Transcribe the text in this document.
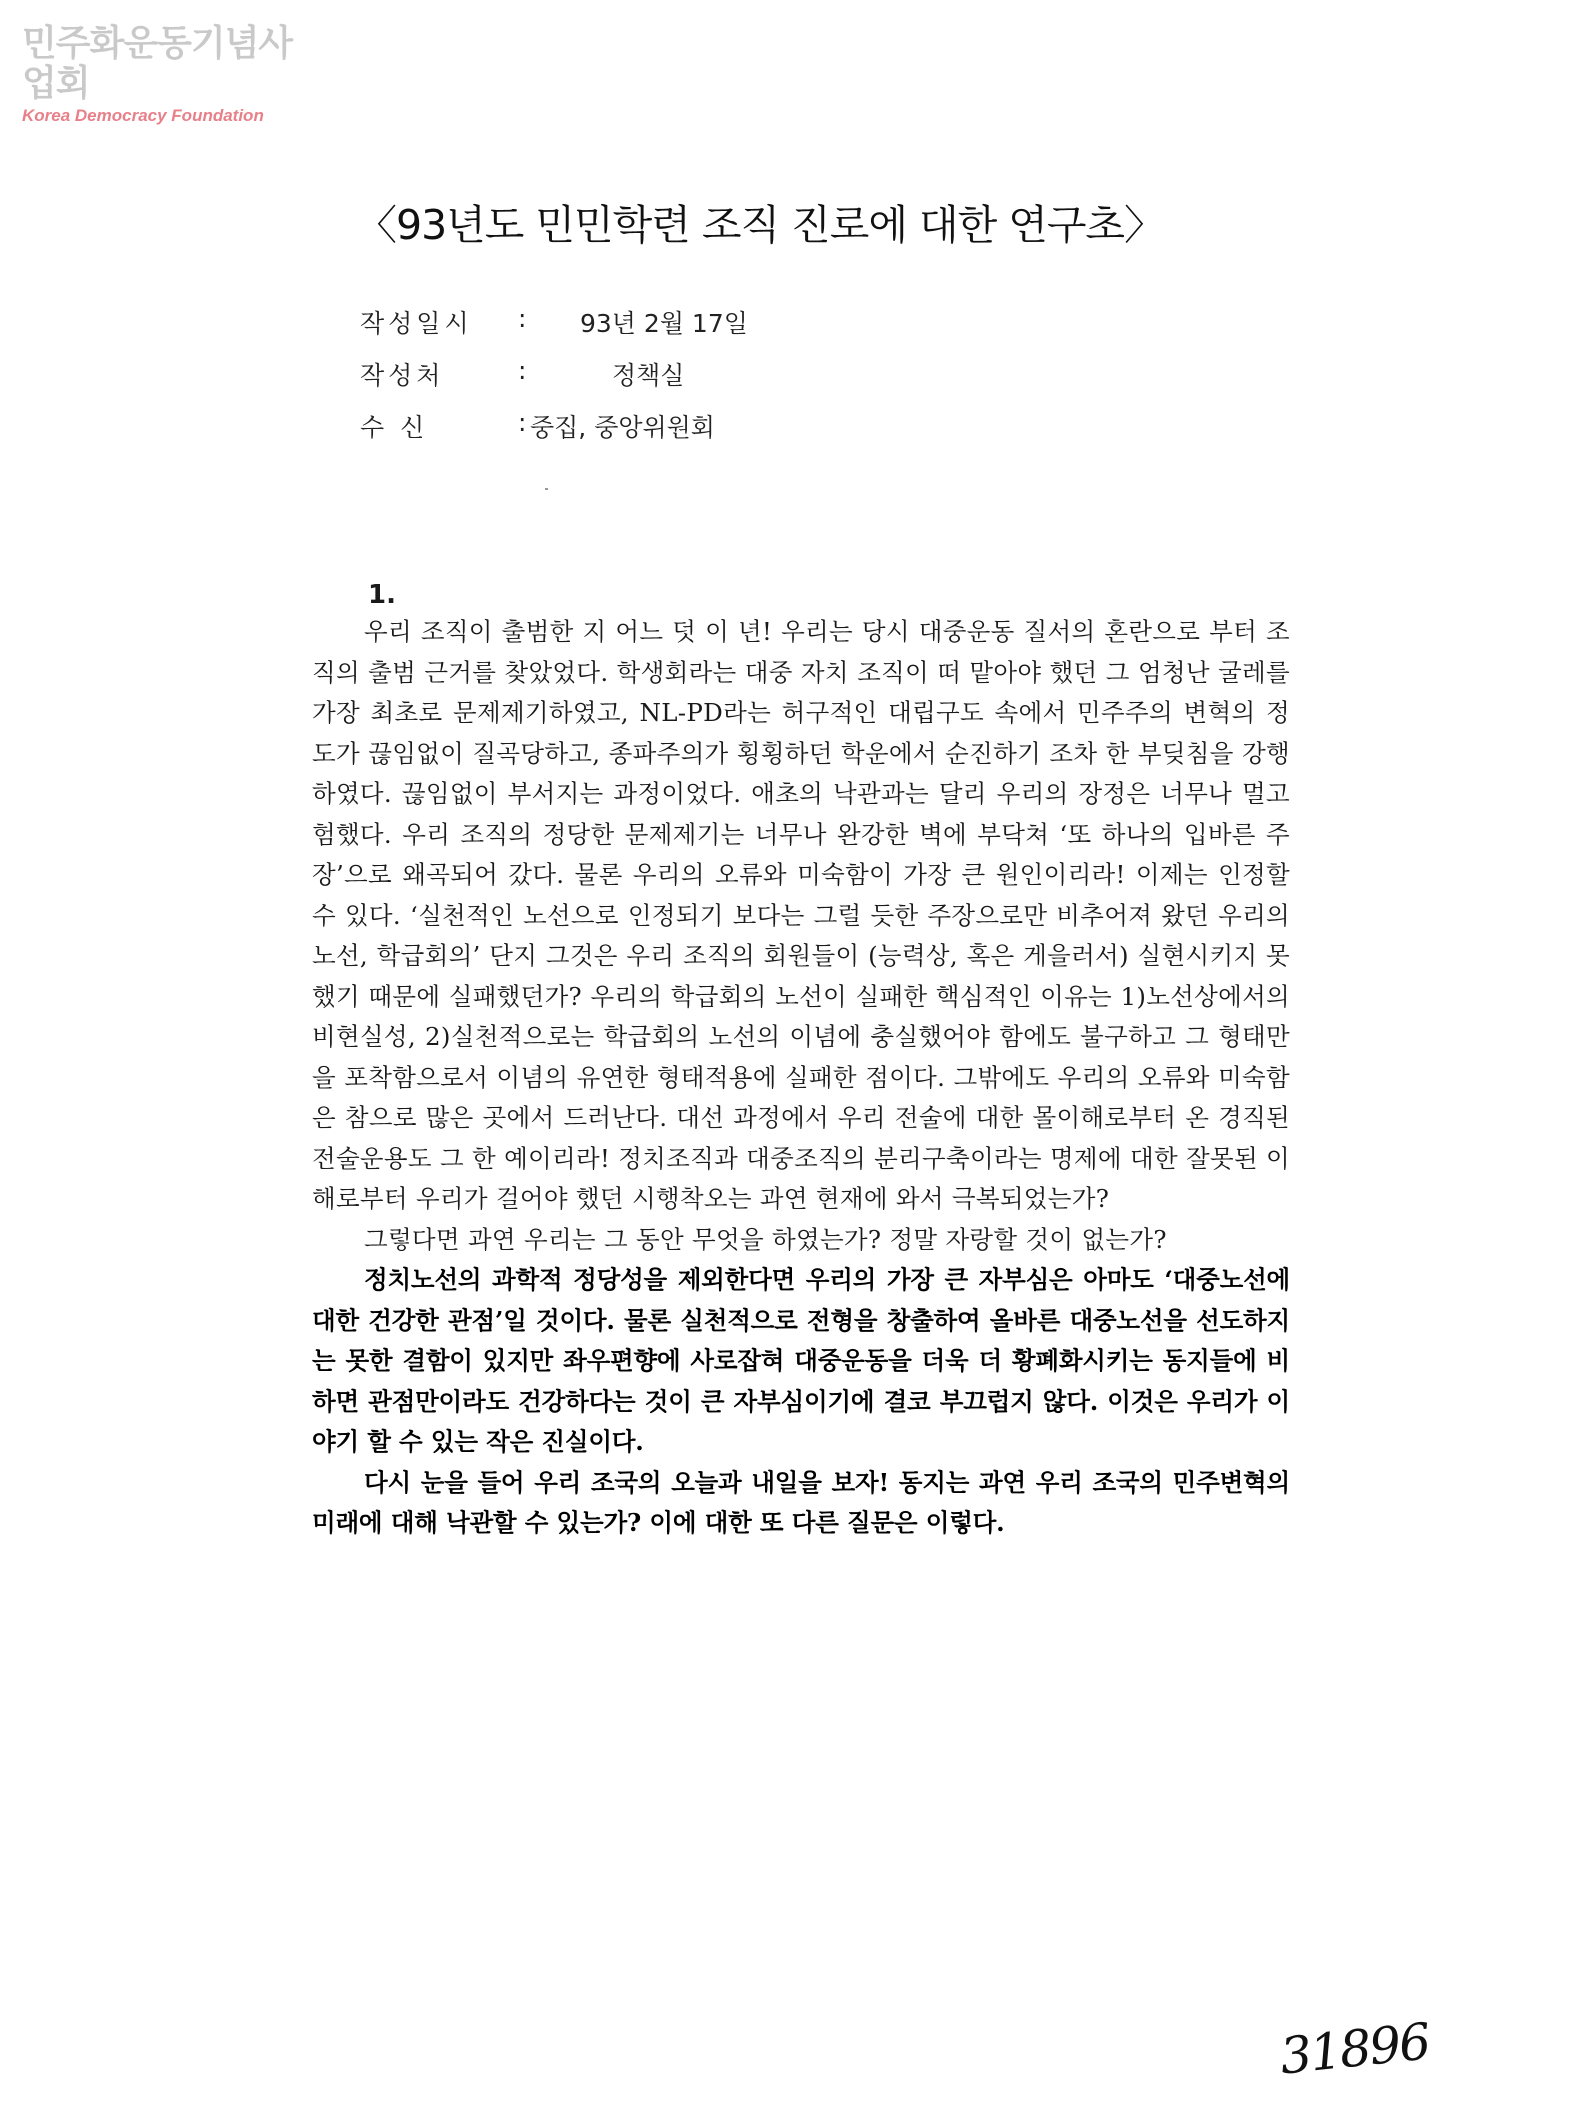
민주화운동기념사업회
Korea Democracy Foundation
〈93년도 민민학련 조직 진로에 대한 연구초〉
작성일시 : 93년 2월 17일
작성처	:	정책실
수 신	: 중집, 중앙위원회
1.

우리 조직이 출범한 지 어느 덧 이 년! 우리는 당시 대중운동 질서의 혼란으로 부터 조직의 출범 근거를 찾았었다. 학생회라는 대중 자치 조직이 떠 맡아야 했던 그 엄청난 굴레를 가장 최초로 문제제기하였고, NL-PD라는 허구적인 대립구도 속에서 민주주의 변혁의 정도가 끊임없이 질곡당하고, 종파주의가 횡횡하던 학운에서 순진하기 조차 한 부딪침을 강행하였다. 끊임없이 부서지는 과정이었다. 애초의 낙관과는 달리 우리의 장정은 너무나 멀고 험했다. 우리 조직의 정당한 문제제기는 너무나 완강한 벽에 부닥쳐 ‘또 하나의 입바른 주장’으로 왜곡되어 갔다. 물론 우리의 오류와 미숙함이 가장 큰 원인이리라! 이제는 인정할 수 있다. ‘실천적인 노선으로 인정되기 보다는 그럴 듯한 주장으로만 비추어져 왔던 우리의 노선, 학급회의’ 단지 그것은 우리 조직의 회원들이 (능력상, 혹은 게을러서) 실현시키지 못했기 때문에 실패했던가? 우리의 학급회의 노선이 실패한 핵심적인 이유는 1)노선상에서의 비현실성, 2)실천적으로는 학급회의 노선의 이념에 충실했어야 함에도 불구하고 그 형태만을 포착함으로서 이념의 유연한 형태적용에 실패한 점이다. 그밖에도 우리의 오류와 미숙함은 참으로 많은 곳에서 드러난다. 대선 과정에서 우리 전술에 대한 몰이해로부터 온 경직된 전술운용도 그 한 예이리라! 정치조직과 대중조직의 분리구축이라는 명제에 대한 잘못된 이해로부터 우리가 걸어야 했던 시행착오는 과연 현재에 와서 극복되었는가?

그렇다면 과연 우리는 그 동안 무엇을 하였는가? 정말 자랑할 것이 없는가?

정치노선의 과학적 정당성을 제외한다면 우리의 가장 큰 자부심은 아마도 ‘대중노선에 대한 건강한 관점’일 것이다. 물론 실천적으로 전형을 창출하여 올바른 대중노선을 선도하지는 못한 결함이 있지만 좌우편향에 사로잡혀 대중운동을 더욱 더 황폐화시키는 동지들에 비하면 관점만이라도 건강하다는 것이 큰 자부심이기에 결코 부끄럽지 않다. 이것은 우리가 이야기 할 수 있는 작은 진실이다.

다시 눈을 들어 우리 조국의 오늘과 내일을 보자! 동지는 과연 우리 조국의 민주변혁의 미래에 대해 낙관할 수 있는가? 이에 대한 또 다른 질문은 이렇다.

31896
